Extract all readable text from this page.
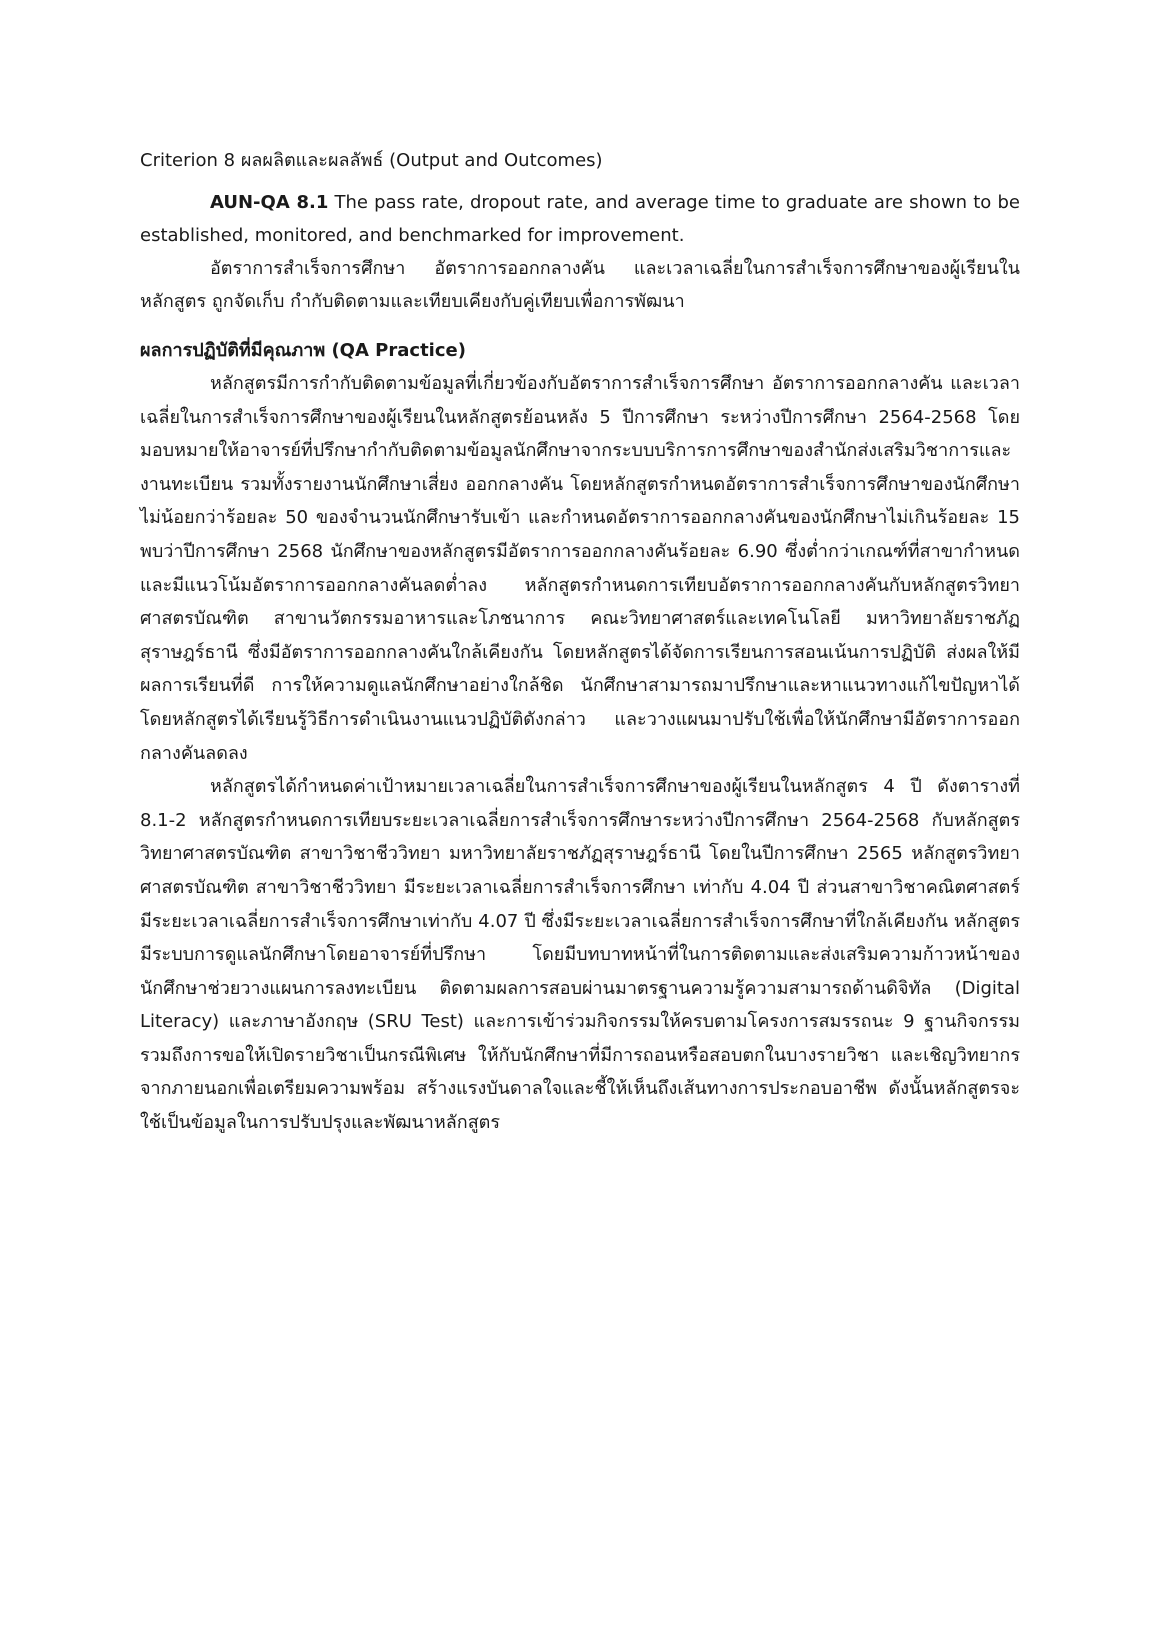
Criterion 8 ผลผลิตและผลลัพธ์ (Output and Outcomes)

AUN-QA 8.1 The pass rate, dropout rate, and average time to graduate are shown to be established, monitored, and benchmarked for improvement.

อัตราการสำเร็จการศึกษา อัตราการออกกลางคัน และเวลาเฉลี่ยในการสำเร็จการศึกษาของผู้เรียนในหลักสูตร ถูกจัดเก็บ กำกับติดตามและเทียบเคียงกับคู่เทียบเพื่อการพัฒนา

ผลการปฏิบัติที่มีคุณภาพ (QA Practice)

หลักสูตรมีการกำกับติดตามข้อมูลที่เกี่ยวข้องกับอัตราการสำเร็จการศึกษา อัตราการออกกลางคัน และเวลาเฉลี่ยในการสำเร็จการศึกษาของผู้เรียนในหลักสูตรย้อนหลัง 5 ปีการศึกษา ระหว่างปีการศึกษา 2564-2568 โดยมอบหมายให้อาจารย์ที่ปรึกษากำกับติดตามข้อมูลนักศึกษาจากระบบบริการการศึกษาของสำนักส่งเสริมวิชาการและงานทะเบียน รวมทั้งรายงานนักศึกษาเสี่ยง ออกกลางคัน โดยหลักสูตรกำหนดอัตราการสำเร็จการศึกษาของนักศึกษาไม่น้อยกว่าร้อยละ 50 ของจำนวนนักศึกษารับเข้า และกำหนดอัตราการออกกลางคันของนักศึกษาไม่เกินร้อยละ 15 พบว่าปีการศึกษา 2568 นักศึกษาของหลักสูตรมีอัตราการออกกลางคันร้อยละ 6.90 ซึ่งต่ำกว่าเกณฑ์ที่สาขากำหนด และมีแนวโน้มอัตราการออกกลางคันลดต่ำลง หลักสูตรกำหนดการเทียบอัตราการออกกลางคันกับหลักสูตรวิทยาศาสตรบัณฑิต สาขานวัตกรรมอาหารและโภชนาการ คณะวิทยาศาสตร์และเทคโนโลยี มหาวิทยาลัยราชภัฏสุราษฎร์ธานี ซึ่งมีอัตราการออกกลางคันใกล้เคียงกัน โดยหลักสูตรได้จัดการเรียนการสอนเน้นการปฏิบัติ ส่งผลให้มีผลการเรียนที่ดี การให้ความดูแลนักศึกษาอย่างใกล้ชิด นักศึกษาสามารถมาปรึกษาและหาแนวทางแก้ไขปัญหาได้ โดยหลักสูตรได้เรียนรู้วิธีการดำเนินงานแนวปฏิบัติดังกล่าว และวางแผนมาปรับใช้เพื่อให้นักศึกษามีอัตราการออกกลางคันลดลง

หลักสูตรได้กำหนดค่าเป้าหมายเวลาเฉลี่ยในการสำเร็จการศึกษาของผู้เรียนในหลักสูตร 4 ปี ดังตารางที่ 8.1-2 หลักสูตรกำหนดการเทียบระยะเวลาเฉลี่ยการสำเร็จการศึกษาระหว่างปีการศึกษา 2564-2568 กับหลักสูตรวิทยาศาสตรบัณฑิต สาขาวิชาชีววิทยา มหาวิทยาลัยราชภัฏสุราษฎร์ธานี โดยในปีการศึกษา 2565 หลักสูตรวิทยาศาสตรบัณฑิต สาขาวิชาชีววิทยา มีระยะเวลาเฉลี่ยการสำเร็จการศึกษา เท่ากับ 4.04 ปี ส่วนสาขาวิชาคณิตศาสตร์ มีระยะเวลาเฉลี่ยการสำเร็จการศึกษาเท่ากับ 4.07 ปี ซึ่งมีระยะเวลาเฉลี่ยการสำเร็จการศึกษาที่ใกล้เคียงกัน หลักสูตรมีระบบการดูแลนักศึกษาโดยอาจารย์ที่ปรึกษา โดยมีบทบาทหน้าที่ในการติดตามและส่งเสริมความก้าวหน้าของนักศึกษาช่วยวางแผนการลงทะเบียน ติดตามผลการสอบผ่านมาตรฐานความรู้ความสามารถด้านดิจิทัล (Digital Literacy) และภาษาอังกฤษ (SRU Test) และการเข้าร่วมกิจกรรมให้ครบตามโครงการสมรรถนะ 9 ฐานกิจกรรม รวมถึงการขอให้เปิดรายวิชาเป็นกรณีพิเศษ ให้กับนักศึกษาที่มีการถอนหรือสอบตกในบางรายวิชา และเชิญวิทยากรจากภายนอกเพื่อเตรียมความพร้อม สร้างแรงบันดาลใจและชี้ให้เห็นถึงเส้นทางการประกอบอาชีพ ดังนั้นหลักสูตรจะใช้เป็นข้อมูลในการปรับปรุงและพัฒนาหลักสูตร
